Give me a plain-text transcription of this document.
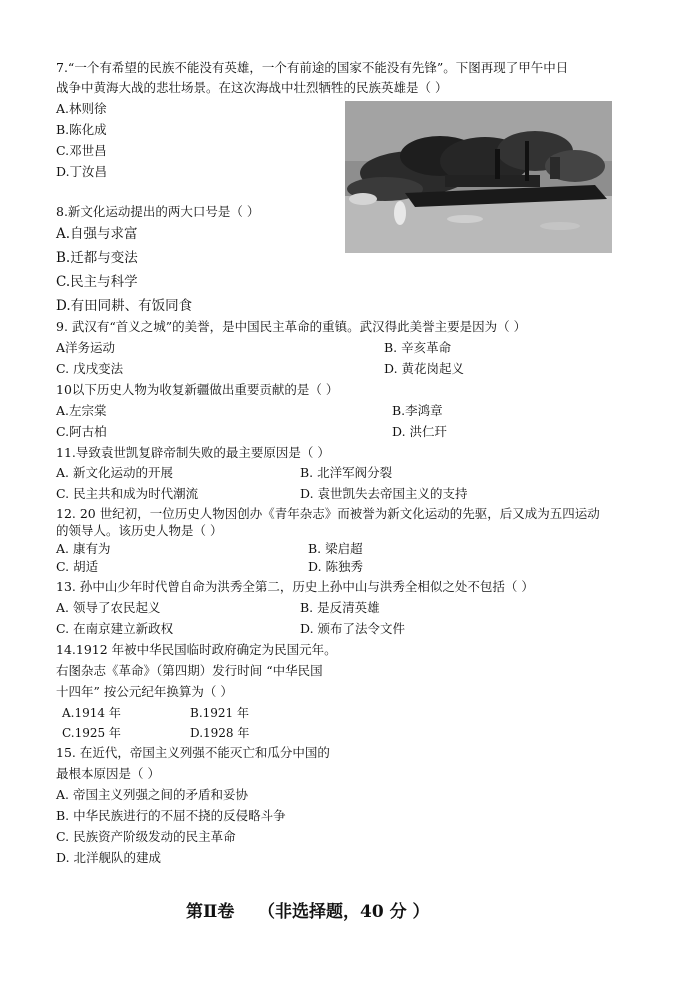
7.“一个有希望的民族不能没有英雄，一个有前途的国家不能没有先锋”。下图再现了甲午中日
战争中黄海大战的悲壮场景。在这次海战中壮烈牺牲的民族英雄是（ ）
A.林则徐
B.陈化成
C.邓世昌
D.丁汝昌
8.新文化运动提出的两大口号是（ ）
A.自强与求富
B.迁都与变法
C.民主与科学
D.有田同耕、有饭同食
9. 武汉有“首义之城”的美誉，是中国民主革命的重镇。武汉得此美誉主要是因为（ ）
A洋务运动	B. 辛亥革命
C. 戊戌变法	D. 黄花岗起义
10以下历史人物为收复新疆做出重要贡献的是（ ）
A.左宗棠	B.李鸿章
C.阿古柏	D. 洪仁玕
11.导致袁世凯复辟帝制失败的最主要原因是（ ）
A. 新文化运动的开展	B. 北洋军阀分裂
C. 民主共和成为时代潮流	D. 袁世凯失去帝国主义的支持
12. 20 世纪初，一位历史人物因创办《青年杂志》而被誉为新文化运动的先驱，后又成为五四运动
的领导人。该历史人物是（ ）
A. 康有为	B. 梁启超
C. 胡适	D. 陈独秀
13. 孙中山少年时代曾自命为洪秀全第二，历史上孙中山与洪秀全相似之处不包括（ ）
A. 领导了农民起义	B. 是反清英雄
C. 在南京建立新政权	D. 颁布了法令文件
14.1912 年被中华民国临时政府确定为民国元年。
右图杂志《革命》（第四期）发行时间 “中华民国
十四年” 按公元纪年换算为（ ）
A.1914 年	B.1921 年
C.1925 年	D.1928 年
15. 在近代，帝国主义列强不能灭亡和瓜分中国的
最根本原因是（ ）
A. 帝国主义列强之间的矛盾和妥协
B. 中华民族进行的不屈不挠的反侵略斗争
C. 民族资产阶级发动的民主革命
D. 北洋舰队的建成
第Ⅱ卷    （非选择题，40 分 ）
